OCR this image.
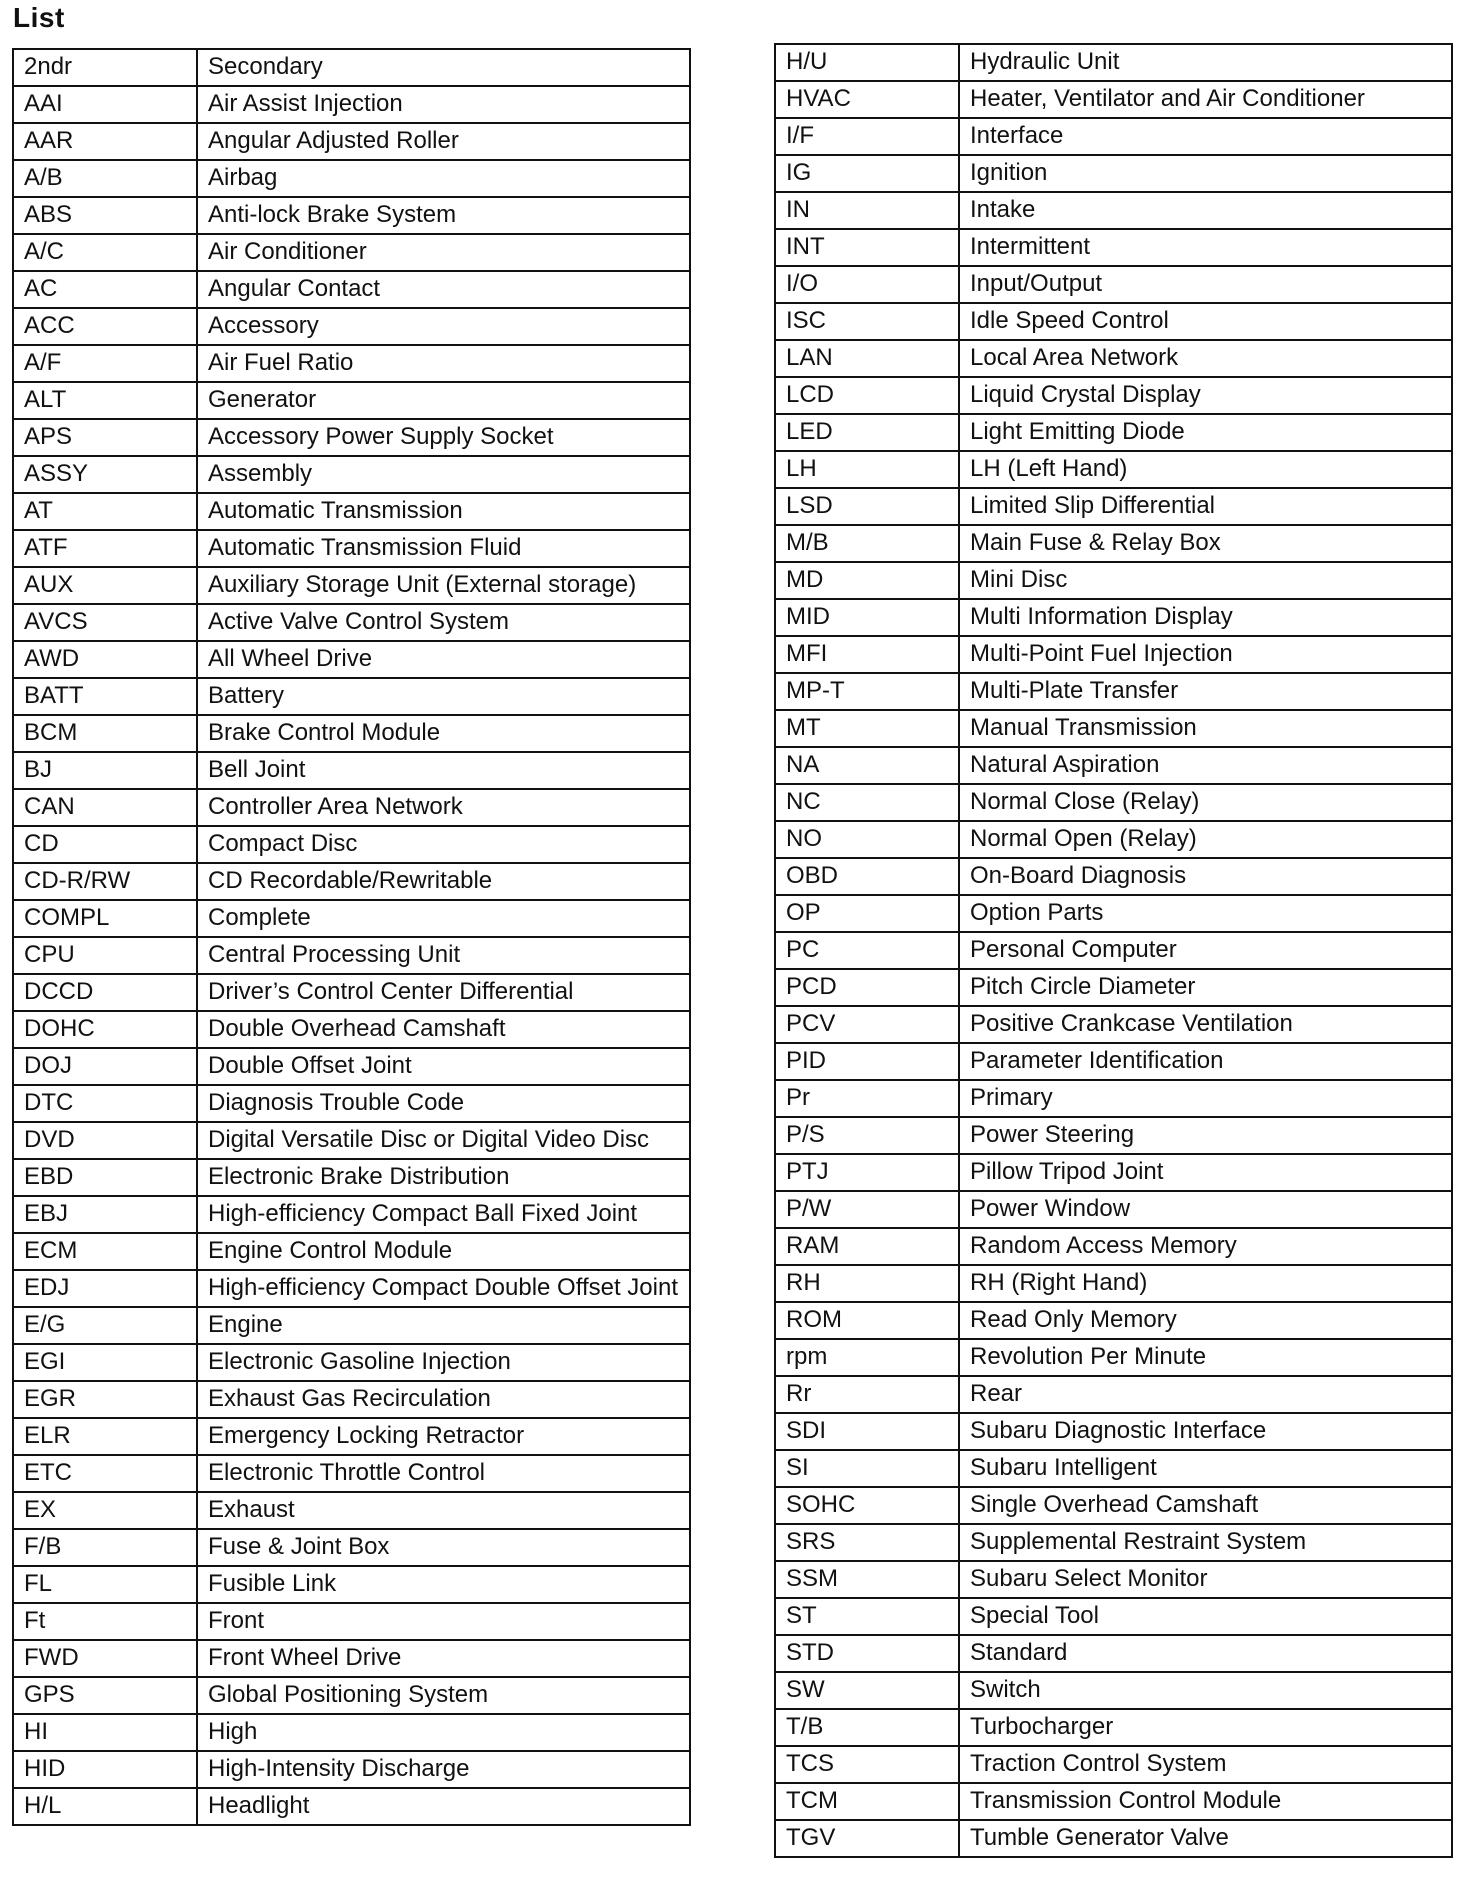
List
2ndr	Secondary
AAI	Air Assist Injection
AAR	Angular Adjusted Roller
A/B	Airbag
ABS	Anti-lock Brake System
A/C	Air Conditioner
AC	Angular Contact
ACC	Accessory
A/F	Air Fuel Ratio
ALT	Generator
APS	Accessory Power Supply Socket
ASSY	Assembly
AT	Automatic Transmission
ATF	Automatic Transmission Fluid
AUX	Auxiliary Storage Unit (External storage)
AVCS	Active Valve Control System
AWD	All Wheel Drive
BATT	Battery
BCM	Brake Control Module
BJ	Bell Joint
CAN	Controller Area Network
CD	Compact Disc
CD-R/RW	CD Recordable/Rewritable
COMPL	Complete
CPU	Central Processing Unit
DCCD	Driver’s Control Center Differential
DOHC	Double Overhead Camshaft
DOJ	Double Offset Joint
DTC	Diagnosis Trouble Code
DVD	Digital Versatile Disc or Digital Video Disc
EBD	Electronic Brake Distribution
EBJ	High-efficiency Compact Ball Fixed Joint
ECM	Engine Control Module
EDJ	High-efficiency Compact Double Offset Joint
E/G	Engine
EGI	Electronic Gasoline Injection
EGR	Exhaust Gas Recirculation
ELR	Emergency Locking Retractor
ETC	Electronic Throttle Control
EX	Exhaust
F/B	Fuse & Joint Box
FL	Fusible Link
Ft	Front
FWD	Front Wheel Drive
GPS	Global Positioning System
HI	High
HID	High-Intensity Discharge
H/L	Headlight
H/U	Hydraulic Unit
HVAC	Heater, Ventilator and Air Conditioner
I/F	Interface
IG	Ignition
IN	Intake
INT	Intermittent
I/O	Input/Output
ISC	Idle Speed Control
LAN	Local Area Network
LCD	Liquid Crystal Display
LED	Light Emitting Diode
LH	LH (Left Hand)
LSD	Limited Slip Differential
M/B	Main Fuse & Relay Box
MD	Mini Disc
MID	Multi Information Display
MFI	Multi-Point Fuel Injection
MP-T	Multi-Plate Transfer
MT	Manual Transmission
NA	Natural Aspiration
NC	Normal Close (Relay)
NO	Normal Open (Relay)
OBD	On-Board Diagnosis
OP	Option Parts
PC	Personal Computer
PCD	Pitch Circle Diameter
PCV	Positive Crankcase Ventilation
PID	Parameter Identification
Pr	Primary
P/S	Power Steering
PTJ	Pillow Tripod Joint
P/W	Power Window
RAM	Random Access Memory
RH	RH (Right Hand)
ROM	Read Only Memory
rpm	Revolution Per Minute
Rr	Rear
SDI	Subaru Diagnostic Interface
SI	Subaru Intelligent
SOHC	Single Overhead Camshaft
SRS	Supplemental Restraint System
SSM	Subaru Select Monitor
ST	Special Tool
STD	Standard
SW	Switch
T/B	Turbocharger
TCS	Traction Control System
TCM	Transmission Control Module
TGV	Tumble Generator Valve
